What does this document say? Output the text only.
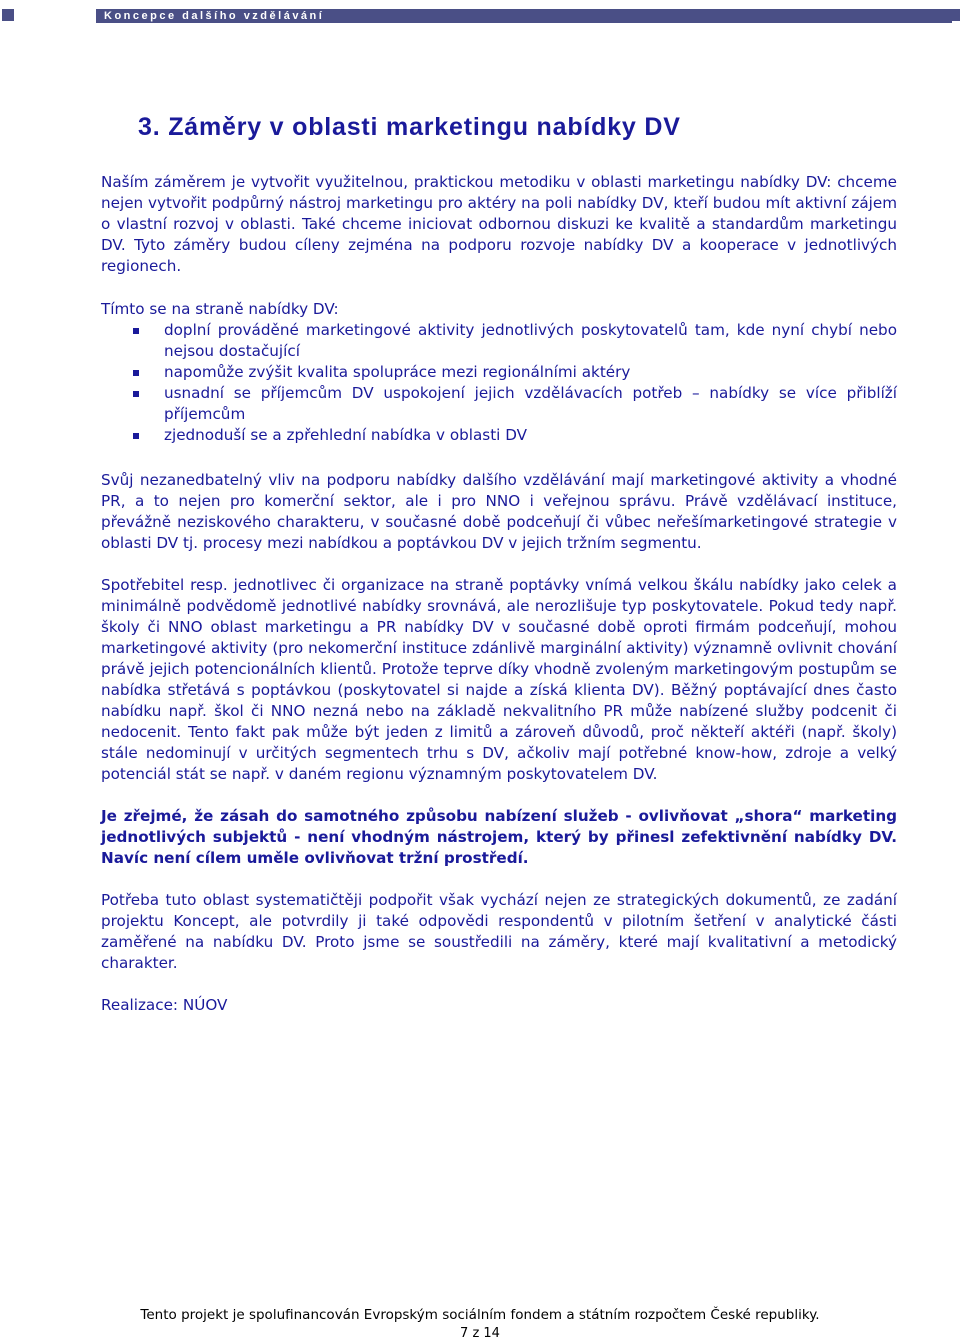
Koncepce dalšího vzdělávání
3. Záměry v oblasti marketingu nabídky DV

Naším záměrem je vytvořit využitelnou, praktickou metodiku v oblasti marketingu nabídky DV: chceme nejen vytvořit podpůrný nástroj marketingu pro aktéry na poli nabídky DV, kteří budou mít aktivní zájem o vlastní rozvoj v oblasti. Také chceme iniciovat odbornou diskuzi ke kvalitě a standardům marketingu DV. Tyto záměry budou cíleny zejména na podporu rozvoje nabídky DV a kooperace v jednotlivých regionech.

Tímto se na straně nabídky DV:

doplní prováděné marketingové aktivity jednotlivých poskytovatelů tam, kde nyní chybí nebo nejsou dostačující
napomůže zvýšit kvalita spolupráce mezi regionálními aktéry
usnadní se příjemcům DV uspokojení jejich vzdělávacích potřeb – nabídky se více přiblíží příjemcům
zjednoduší se a zpřehlední nabídka v oblasti DV

Svůj nezanedbatelný vliv na podporu nabídky dalšího vzdělávání mají marketingové aktivity a vhodné PR, a to nejen pro komerční sektor, ale i pro NNO i veřejnou správu. Právě vzdělávací instituce, převážně neziskového charakteru, v současné době podceňují či vůbec neřešímarketingové strategie v oblasti DV tj. procesy mezi nabídkou a poptávkou DV v jejich tržním segmentu.

Spotřebitel resp. jednotlivec či organizace na straně poptávky vnímá velkou škálu nabídky jako celek a minimálně podvědomě jednotlivé nabídky srovnává, ale nerozlišuje typ poskytovatele. Pokud tedy např. školy či NNO oblast marketingu a PR nabídky DV v současné době oproti firmám podceňují, mohou marketingové aktivity (pro nekomerční instituce zdánlivě marginální aktivity) významně ovlivnit chování právě jejich potencionálních klientů. Protože teprve díky vhodně zvoleným marketingovým postupům se nabídka střetává s poptávkou (poskytovatel si najde a získá klienta DV). Běžný poptávající dnes často nabídku např. škol či NNO nezná nebo na základě nekvalitního PR může nabízené služby podcenit či nedocenit. Tento fakt pak může být jeden z limitů a zároveň důvodů, proč někteří aktéři (např. školy) stále nedominují v určitých segmentech trhu s DV, ačkoliv mají potřebné know-how, zdroje a velký potenciál stát se např. v daném regionu významným poskytovatelem DV.

Je zřejmé, že zásah do samotného způsobu nabízení služeb - ovlivňovat „shora“ marketing jednotlivých subjektů - není vhodným nástrojem, který by přinesl zefektivnění nabídky DV. Navíc není cílem uměle ovlivňovat tržní prostředí.

Potřeba tuto oblast systematičtěji podpořit však vychází nejen ze strategických dokumentů, ze zadání projektu Koncept, ale potvrdily ji také odpovědi respondentů v pilotním šetření v analytické části zaměřené na nabídku DV. Proto jsme se soustředili na záměry, které mají kvalitativní a metodický charakter.

Realizace: NÚOV

Tento projekt je spolufinancován Evropským sociálním fondem a státním rozpočtem České republiky.
7 z 14
